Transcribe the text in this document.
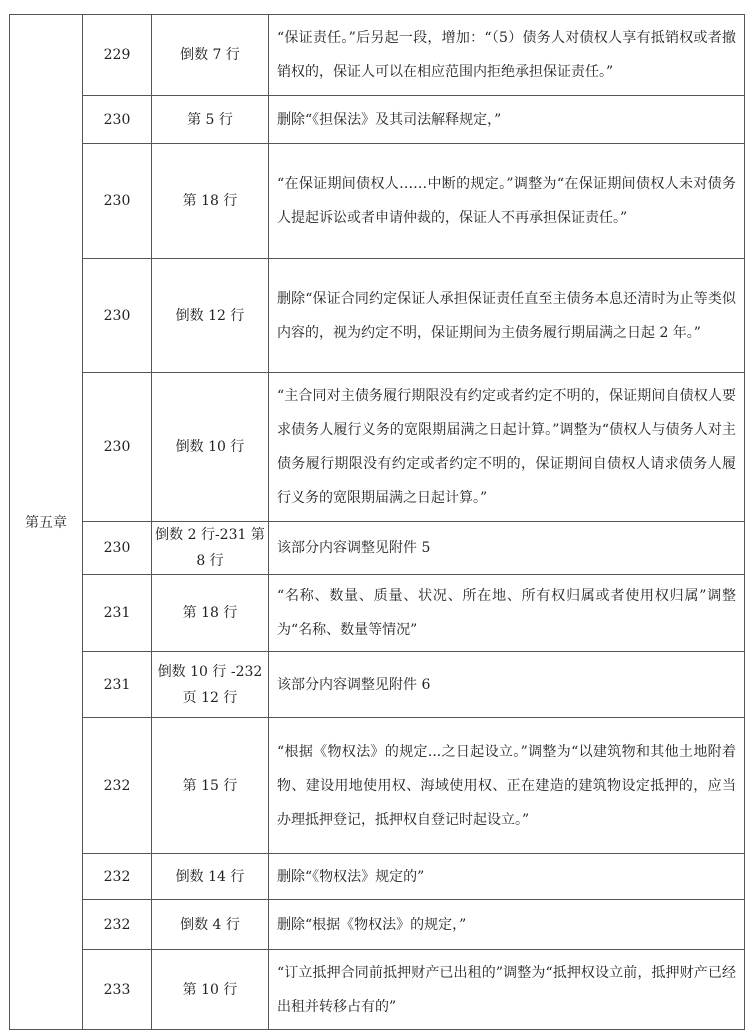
第五章	229	倒数 7 行	“保证责任。”后另起一段，增加：“（5）债务人对债权人享有抵销权或者撤销权的，保证人可以在相应范围内拒绝承担保证责任。”
	230	第 5 行	删除“《担保法》及其司法解释规定，”
	230	第 18 行	“在保证期间债权人……中断的规定。”调整为“在保证期间债权人未对债务人提起诉讼或者申请仲裁的，保证人不再承担保证责任。”
	230	倒数 12 行	删除“保证合同约定保证人承担保证责任直至主债务本息还清时为止等类似内容的，视为约定不明，保证期间为主债务履行期届满之日起 2 年。”
	230	倒数 10 行	“主合同对主债务履行期限没有约定或者约定不明的，保证期间自债权人要求债务人履行义务的宽限期届满之日起计算。”调整为“债权人与债务人对主债务履行期限没有约定或者约定不明的，保证期间自债权人请求债务人履行义务的宽限期届满之日起计算。”
	230	倒数 2 行-231 第 8 行	该部分内容调整见附件 5
	231	第 18 行	“名称、数量、质量、状况、所在地、所有权归属或者使用权归属”调整为“名称、数量等情况”
	231	倒数 10 行 -232 页 12 行	该部分内容调整见附件 6
	232	第 15 行	“根据《物权法》的规定...之日起设立。”调整为“以建筑物和其他土地附着物、建设用地使用权、海域使用权、正在建造的建筑物设定抵押的，应当办理抵押登记，抵押权自登记时起设立。”
	232	倒数 14 行	删除“《物权法》规定的”
	232	倒数 4 行	删除“根据《物权法》的规定，”
	233	第 10 行	“订立抵押合同前抵押财产已出租的”调整为“抵押权设立前，抵押财产已经出租并转移占有的”
